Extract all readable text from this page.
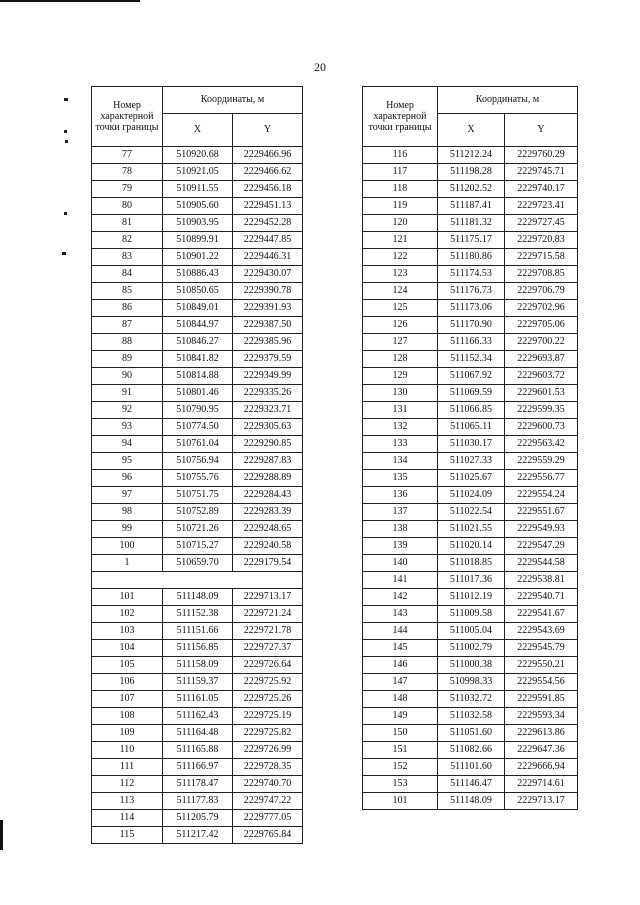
20
Номер характерной точки границы	Координаты, м	
	X	Y
77	510920.68	2229466.96
78	510921.05	2229466.62
79	510911.55	2229456.18
80	510905.60	2229451.13
81	510903.95	2229452.28
82	510899.91	2229447.85
83	510901.22	2229446.31
84	510886.43	2229430.07
85	510850.65	2229390.78
86	510849.01	2229391.93
87	510844.97	2229387.50
88	510846.27	2229385.96
89	510841.82	2229379.59
90	510814.88	2229349.99
91	510801.46	2229335.26
92	510790.95	2229323.71
93	510774.50	2229305.63
94	510761.04	2229290.85
95	510756.94	2229287.83
96	510755.76	2229288.89
97	510751.75	2229284.43
98	510752.89	2229283.39
99	510721.26	2229248.65
100	510715.27	2229240.58
1	510659.70	2229179.54

101	511148.09	2229713.17
102	511152.38	2229721.24
103	511151.66	2229721.78
104	511156.85	2229727.37
105	511158.09	2229726.64
106	511159.37	2229725.92
107	511161.05	2229725.26
108	511162.43	2229725.19
109	511164.48	2229725.82
110	511165.88	2229726.99
111	511166.97	2229728.35
112	511178.47	2229740.70
113	511177.83	2229747.22
114	511205.79	2229777.05
115	511217.42	2229765.84
Номер характерной точки границы	Координаты, м	
	X	Y
116	511212.24	2229760.29
117	511198.28	2229745.71
118	511202.52	2229740.17
119	511187.41	2229723.41
120	511181.32	2229727.45
121	511175.17	2229720.83
122	511180.86	2229715.58
123	511174.53	2229708.85
124	511176.73	2229706.79
125	511173.06	2229702.96
126	511170.90	2229705.06
127	511166.33	2229700.22
128	511152.34	2229693.87
129	511067.92	2229603.72
130	511069.59	2229601.53
131	511066.85	2229599.35
132	511065.11	2229600.73
133	511030.17	2229563.42
134	511027.33	2229559.29
135	511025.67	2229556.77
136	511024.09	2229554.24
137	511022.54	2229551.67
138	511021.55	2229549.93
139	511020.14	2229547.29
140	511018.85	2229544.58
141	511017.36	2229538.81
142	511012.19	2229540.71
143	511009.58	2229541.67
144	511005.04	2229543.69
145	511002.79	2229545.79
146	511000.38	2229550.21
147	510998.33	2229554.56
148	511032.72	2229591.85
149	511032.58	2229593.34
150	511051.60	2229613.86
151	511082.66	2229647.36
152	511101.60	2229666.94
153	511146.47	2229714.61
101	511148.09	2229713.17
